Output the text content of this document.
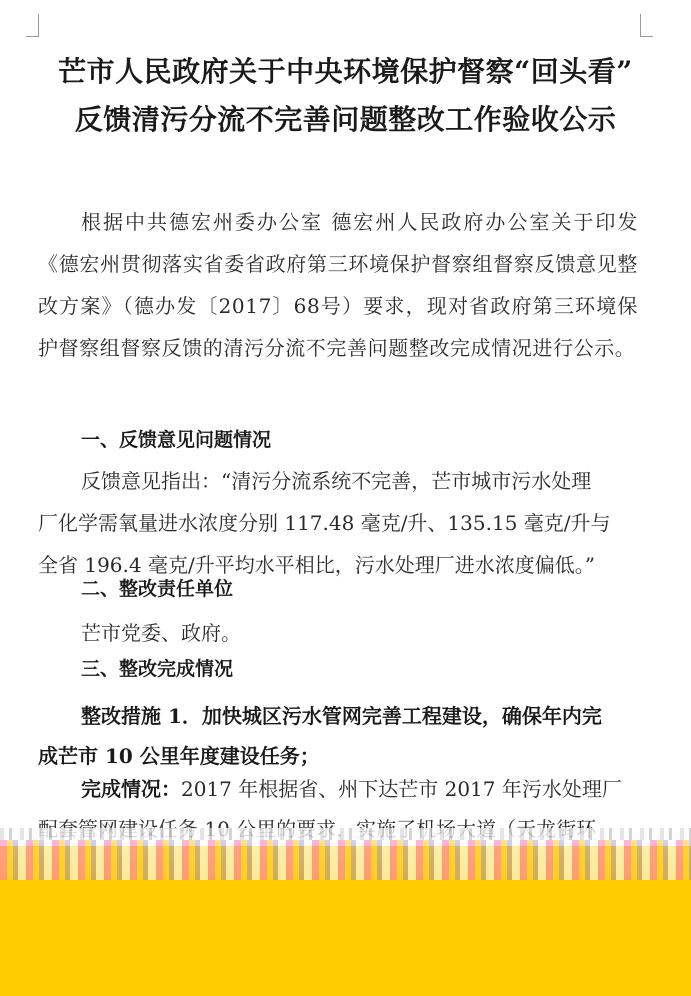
芒市人民政府关于中央环境保护督察“回头看”
反馈清污分流不完善问题整改工作验收公示
根据中共德宏州委办公室 德宏州人民政府办公室关于印发《德宏州贯彻落实省委省政府第三环境保护督察组督察反馈意见整改方案》（德办发〔2017〕68号）要求，现对省政府第三环境保护督察组督察反馈的清污分流不完善问题整改完成情况进行公示。
一、反馈意见问题情况
反馈意见指出：“清污分流系统不完善，芒市城市污水处理
厂化学需氧量进水浓度分别 117.48 毫克/升、135.15 毫克/升与
全省 196.4 毫克/升平均水平相比，污水处理厂进水浓度偏低。”
二、整改责任单位
芒市党委、政府。
三、整改完成情况
整改措施 1．加快城区污水管网完善工程建设，确保年内完
成芒市 10 公里年度建设任务；
完成情况：2017 年根据省、州下达芒市 2017 年污水处理厂
